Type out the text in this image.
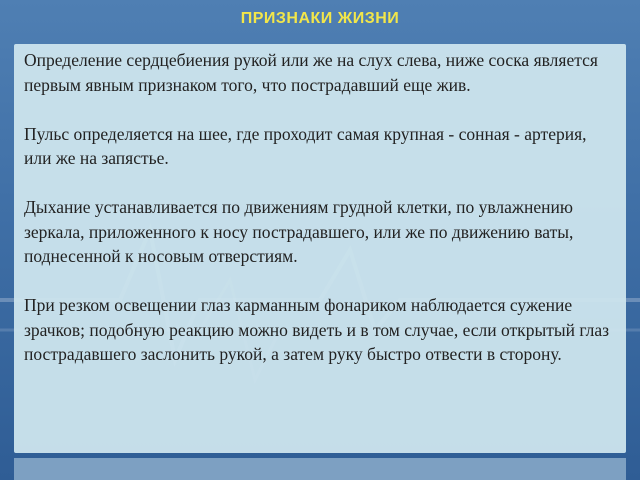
ПРИЗНАКИ ЖИЗНИ

Определение сердцебиения рукой или же на слух слева, ниже соска является первым явным признаком того, что пострадавший еще жив.

Пульс определяется на шее, где проходит самая крупная - сонная - артерия, или же на запястье.

Дыхание устанавливается по движениям грудной клетки, по увлажнению зеркала, приложенного к носу пострадавшего, или же по движению ваты, поднесенной к носовым отверстиям.

При резком освещении глаз карманным фонариком наблюдается сужение зрачков; подобную реакцию можно видеть и в том случае, если открытый глаз пострадавшего заслонить рукой, а затем руку быстро отвести в сторону.
